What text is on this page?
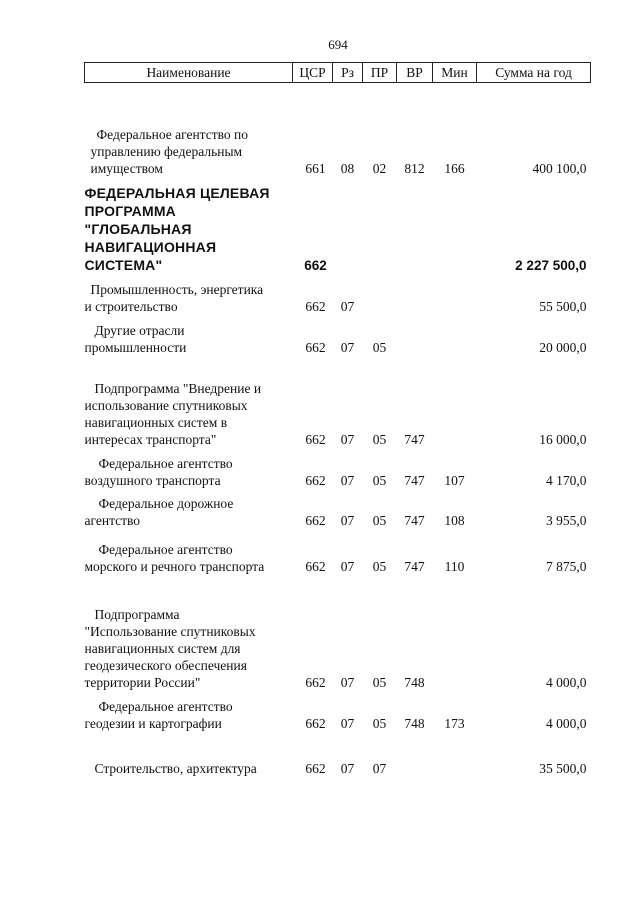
694
Наименование	ЦСР	Рз	ПР	ВР	Мин	Сумма на год

Федеральное агентство по
управлению федеральным
имуществом	661	08	02	812	166	400 100,0

ФЕДЕРАЛЬНАЯ ЦЕЛЕВАЯ
ПРОГРАММА
"ГЛОБАЛЬНАЯ
НАВИГАЦИОННАЯ
СИСТЕМА"	662					2 227 500,0

Промышленность, энергетика
и строительство	662	07				55 500,0

Другие отрасли
промышленности	662	07	05			20 000,0

Подпрограмма "Внедрение и
использование спутниковых
навигационных систем в
интересах транспорта"	662	07	05	747		16 000,0

Федеральное агентство
воздушного транспорта	662	07	05	747	107	4 170,0

Федеральное дорожное
агентство	662	07	05	747	108	3 955,0

Федеральное агентство
морского и речного транспорта	662	07	05	747	110	7 875,0

Подпрограмма
"Использование спутниковых
навигационных систем для
геодезического обеспечения
территории России"	662	07	05	748		4 000,0

Федеральное агентство
геодезии и картографии	662	07	05	748	173	4 000,0

Строительство, архитектура	662	07	07			35 500,0
